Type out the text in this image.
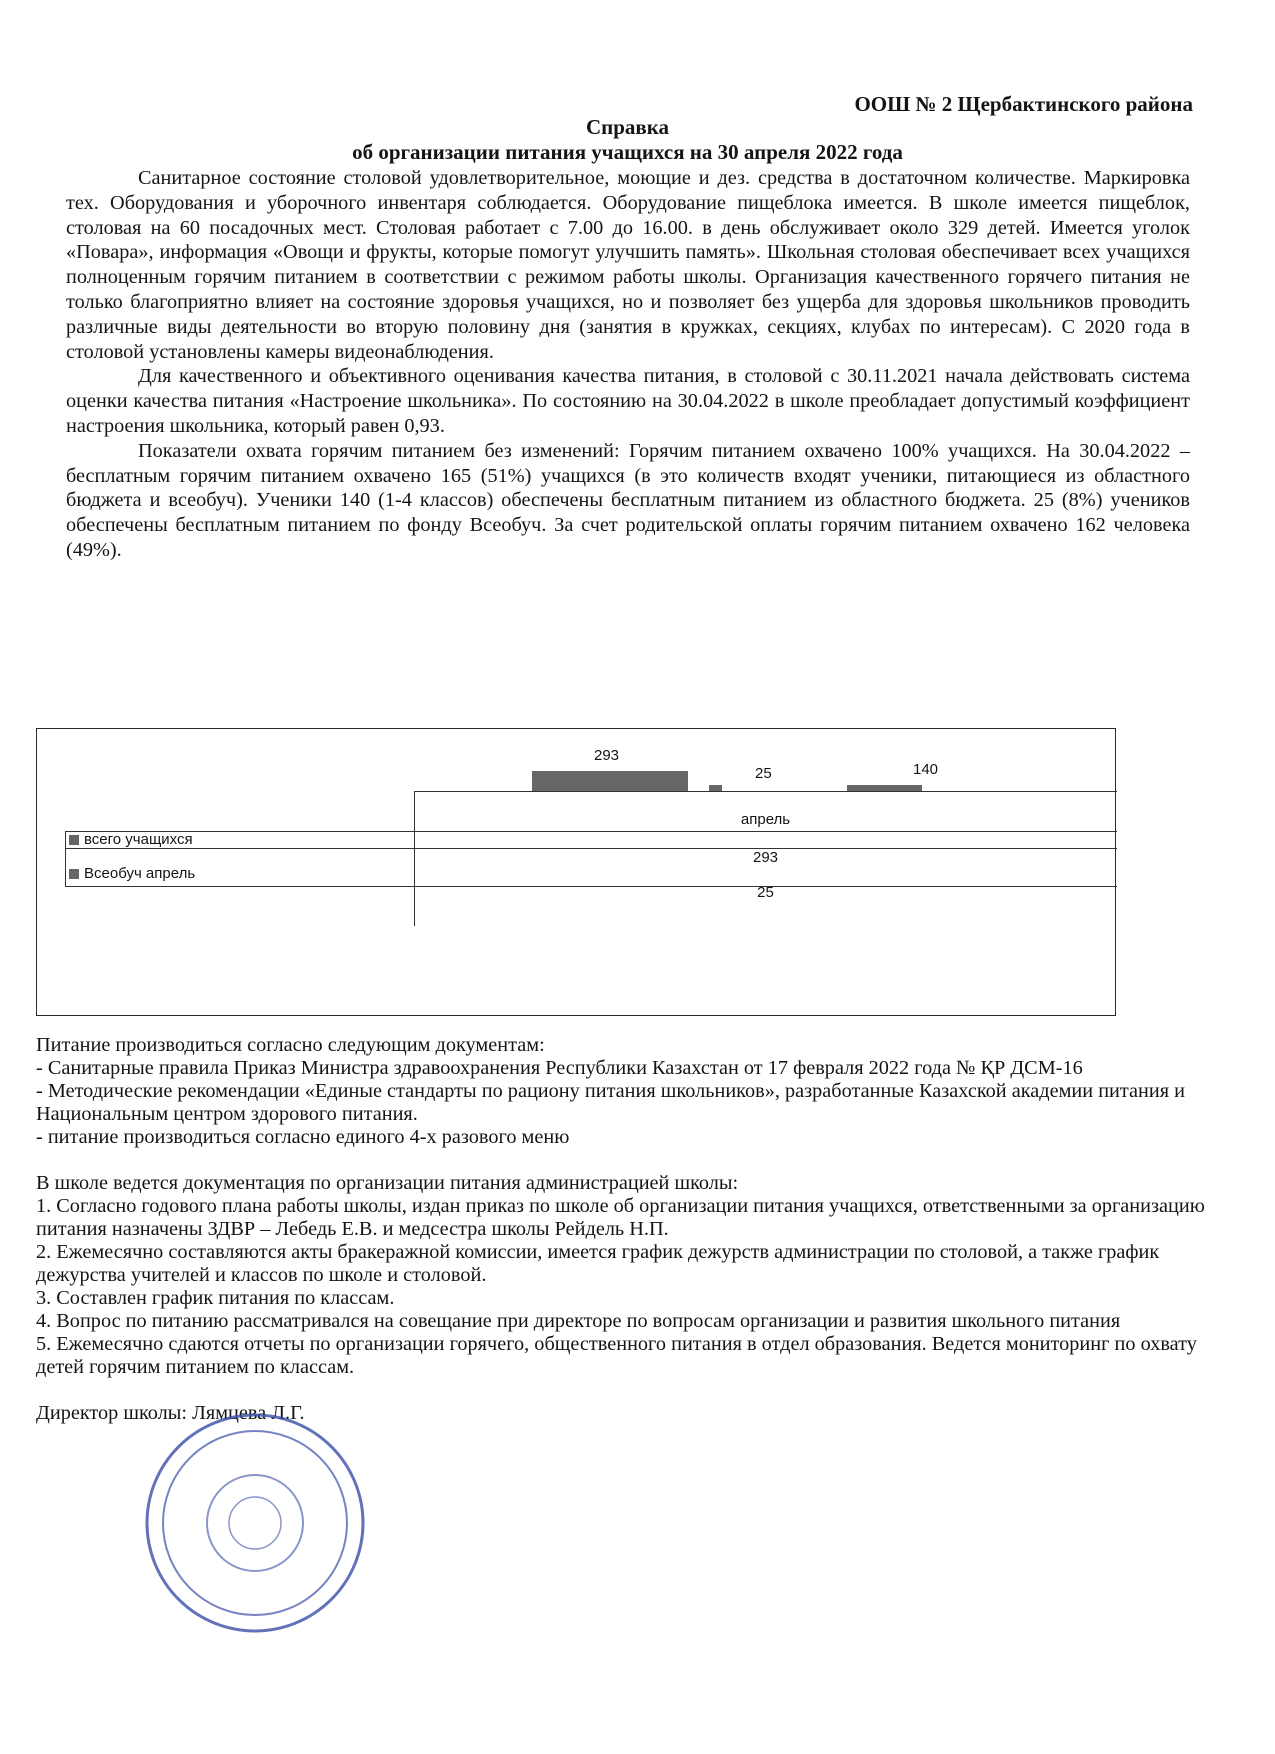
ООШ № 2 Щербактинского района
Справка
об организации питания учащихся на 30 апреля 2022 года

Санитарное состояние столовой удовлетворительное, моющие и дез. средства в достаточном количестве. Маркировка тех. Оборудования и уборочного инвентаря соблюдается. Оборудование пищеблока имеется. В школе имеется пищеблок, столовая на 60 посадочных мест. Столовая работает с 7.00 до 16.00. в день обслуживает около 329 детей. Имеется уголок «Повара», информация «Овощи и фрукты, которые помогут улучшить память». Школьная столовая обеспечивает всех учащихся полноценным горячим питанием в соответствии с режимом работы школы. Организация качественного горячего питания не только благоприятно влияет на состояние здоровья учащихся, но и позволяет без ущерба для здоровья школьников проводить различные виды деятельности во вторую половину дня (занятия в кружках, секциях, клубах по интересам). С 2020 года в столовой установлены камеры видеонаблюдения.

Для качественного и объективного оценивания качества питания, в столовой с 30.11.2021 начала действовать система оценки качества питания «Настроение школьника». По состоянию на 30.04.2022 в школе преобладает допустимый коэффициент настроения школьника, который равен 0,93.

Показатели охвата горячим питанием без изменений: Горячим питанием охвачено 100% учащихся. На 30.04.2022 – бесплатным горячим питанием охвачено 165 (51%) учащихся (в это количеств входят ученики, питающиеся из областного бюджета и всеобуч). Ученики 140 (1-4 классов) обеспечены бесплатным питанием из областного бюджета. 25 (8%) учеников обеспечены бесплатным питанием по фонду Всеобуч. За счет родительской оплаты горячим питанием охвачено 162 человека (49%).

293
25	140
апрель
всего учащихся
293
Всеобуч апрель
25

Питание производиться согласно следующим документам:

- Санитарные правила Приказ Министра здравоохранения Республики Казахстан от 17 февраля 2022 года № ҚР ДСМ-16

- Методические рекомендации «Единые стандарты по рациону питания школьников», разработанные Казахской академии питания и Национальным центром здорового питания.

- питание производиться согласно единого 4-х разового меню

В школе ведется документация по организации питания администрацией школы:

1. Согласно годового плана работы школы, издан приказ по школе об организации питания учащихся, ответственными за организацию питания назначены ЗДВР – Лебедь Е.В. и медсестра школы Рейдель Н.П.

2. Ежемесячно составляются акты бракеражной комиссии, имеется график дежурств администрации по столовой, а также график дежурства учителей и классов по школе и столовой.

3. Составлен график питания по классам.

4. Вопрос по питанию рассматривался на совещание при директоре по вопросам организации и развития школьного питания

5. Ежемесячно сдаются отчеты по организации горячего, общественного питания в отдел образования. Ведется мониторинг по охвату детей горячим питанием по классам.

Директор школы: Лямцева Л.Г.
